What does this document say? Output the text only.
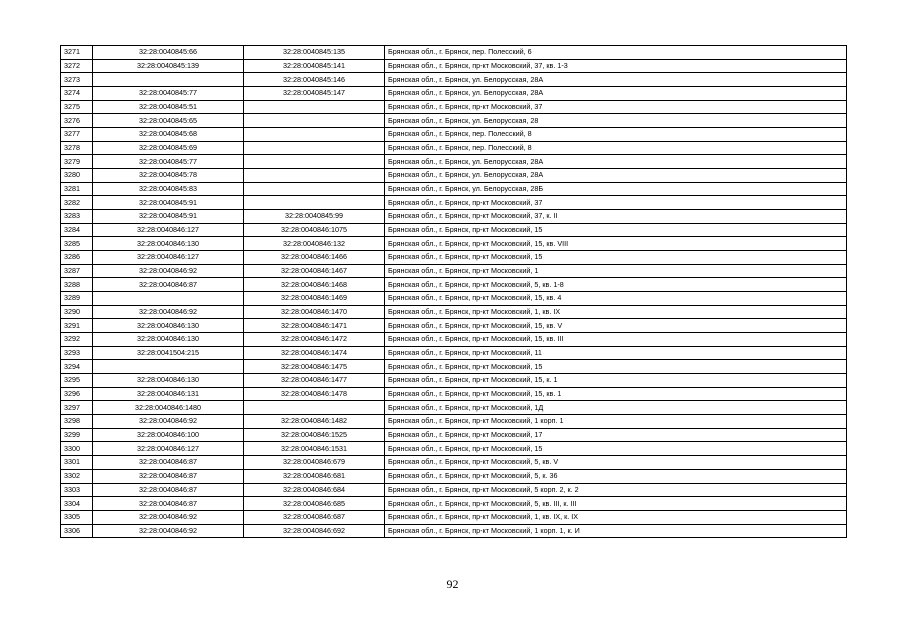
3271	32:28:0040845:66	32:28:0040845:135	Брянская обл., г. Брянск, пер. Полесский, 6
3272	32:28:0040845:139	32:28:0040845:141	Брянская обл., г. Брянск, пр-кт Московский, 37, кв. 1-3
3273		32:28:0040845:146	Брянская обл., г. Брянск, ул. Белорусская, 28А
3274	32:28:0040845:77	32:28:0040845:147	Брянская обл., г. Брянск, ул. Белорусская, 28А
3275	32:28:0040845:51		Брянская обл., г. Брянск, пр-кт Московский, 37
3276	32:28:0040845:65		Брянская обл., г. Брянск, ул. Белорусская, 28
3277	32:28:0040845:68		Брянская обл., г. Брянск, пер. Полесский, 8
3278	32:28:0040845:69		Брянская обл., г. Брянск, пер. Полесский, 8
3279	32:28:0040845:77		Брянская обл., г. Брянск, ул. Белорусская, 28А
3280	32:28:0040845:78		Брянская обл., г. Брянск, ул. Белорусская, 28А
3281	32:28:0040845:83		Брянская обл., г. Брянск, ул. Белорусская, 28Б
3282	32:28:0040845:91		Брянская обл., г. Брянск, пр-кт Московский, 37
3283	32:28:0040845:91	32:28:0040845:99	Брянская обл., г. Брянск, пр-кт Московский, 37, к. II
3284	32:28:0040846:127	32:28:0040846:1075	Брянская обл., г. Брянск, пр-кт Московский, 15
3285	32:28:0040846:130	32:28:0040846:132	Брянская обл., г. Брянск, пр-кт Московский, 15, кв. VIII
3286	32:28:0040846:127	32:28:0040846:1466	Брянская обл., г. Брянск, пр-кт Московский, 15
3287	32:28:0040846:92	32:28:0040846:1467	Брянская обл., г. Брянск, пр-кт Московский, 1
3288	32:28:0040846:87	32:28:0040846:1468	Брянская обл., г. Брянск, пр-кт Московский, 5, кв. 1-8
3289		32:28:0040846:1469	Брянская обл., г. Брянск, пр-кт Московский, 15, кв. 4
3290	32:28:0040846:92	32:28:0040846:1470	Брянская обл., г. Брянск, пр-кт Московский, 1, кв. IX
3291	32:28:0040846:130	32:28:0040846:1471	Брянская обл., г. Брянск, пр-кт Московский, 15, кв. V
3292	32:28:0040846:130	32:28:0040846:1472	Брянская обл., г. Брянск, пр-кт Московский, 15, кв. III
3293	32:28:0041504:215	32:28:0040846:1474	Брянская обл., г. Брянск, пр-кт Московский, 11
3294		32:28:0040846:1475	Брянская обл., г. Брянск, пр-кт Московский, 15
3295	32:28:0040846:130	32:28:0040846:1477	Брянская обл., г. Брянск, пр-кт Московский, 15, к. 1
3296	32:28:0040846:131	32:28:0040846:1478	Брянская обл., г. Брянск, пр-кт Московский, 15, кв. 1
3297	32:28:0040846:1480		Брянская обл., г. Брянск, пр-кт Московский, 1Д
3298	32:28:0040846:92	32:28:0040846:1482	Брянская обл., г. Брянск, пр-кт Московский, 1 корп. 1
3299	32:28:0040846:100	32:28:0040846:1525	Брянская обл., г. Брянск, пр-кт Московский, 17
3300	32:28:0040846:127	32:28:0040846:1531	Брянская обл., г. Брянск, пр-кт Московский, 15
3301	32:28:0040846:87	32:28:0040846:679	Брянская обл., г. Брянск, пр-кт Московский, 5, кв. V
3302	32:28:0040846:87	32:28:0040846:681	Брянская обл., г. Брянск, пр-кт Московский, 5, к. 36
3303	32:28:0040846:87	32:28:0040846:684	Брянская обл., г. Брянск, пр-кт Московский, 5 корп. 2, к. 2
3304	32:28:0040846:87	32:28:0040846:685	Брянская обл., г. Брянск, пр-кт Московский, 5, кв. III, к. III
3305	32:28:0040846:92	32:28:0040846:687	Брянская обл., г. Брянск, пр-кт Московский, 1, кв. IX, к. IX
3306	32:28:0040846:92	32:28:0040846:692	Брянская обл., г. Брянск, пр-кт Московский, 1 корп. 1, к. И
92
